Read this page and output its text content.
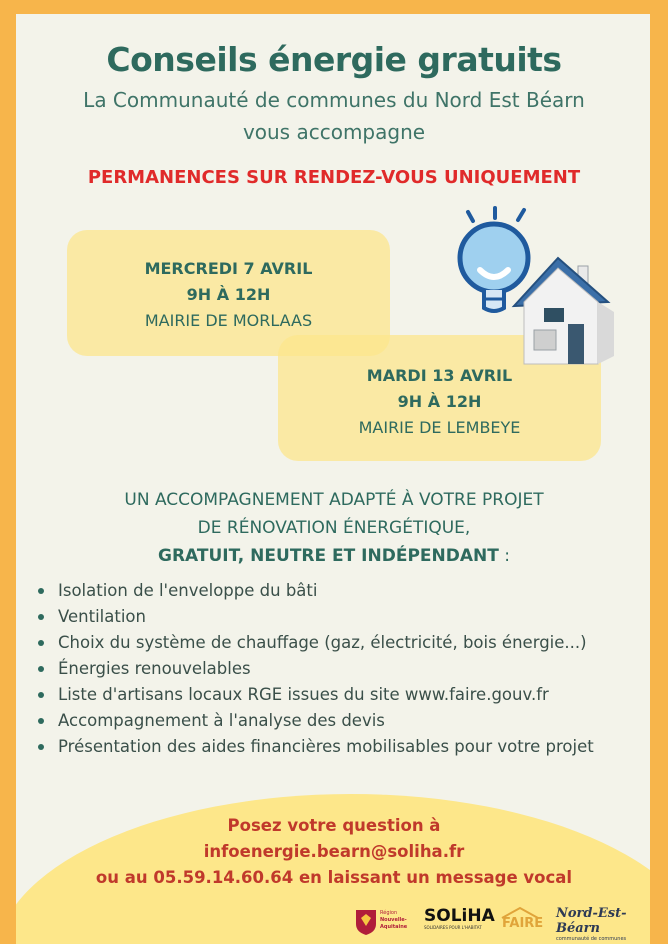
Conseils énergie gratuits
La Communauté de communes du Nord Est Béarn
vous accompagne
PERMANENCES SUR RENDEZ-VOUS UNIQUEMENT
MERCREDI 7 AVRIL
9H À 12H
MAIRIE DE MORLAAS
MARDI 13 AVRIL
9H À 12H
MAIRIE DE LEMBEYE
UN ACCOMPAGNEMENT ADAPTÉ À VOTRE PROJET
DE RÉNOVATION ÉNERGÉTIQUE,
GRATUIT, NEUTRE ET INDÉPENDANT :
Isolation de l'enveloppe du bâti
Ventilation
Choix du système de chauffage (gaz, électricité, bois énergie...)
Énergies renouvelables
Liste d'artisans locaux RGE issues du site www.faire.gouv.fr
Accompagnement à l'analyse des devis
Présentation des aides financières mobilisables pour votre projet
Posez votre question à
infoenergie.bearn@soliha.fr
ou au 05.59.14.60.64 en laissant un message vocal
Région
Nouvelle-
Aquitaine
SOLiHA
SOLIDAIRES POUR L'HABITAT	FAIRE
Nord-Est-Béarn
communauté de communes
